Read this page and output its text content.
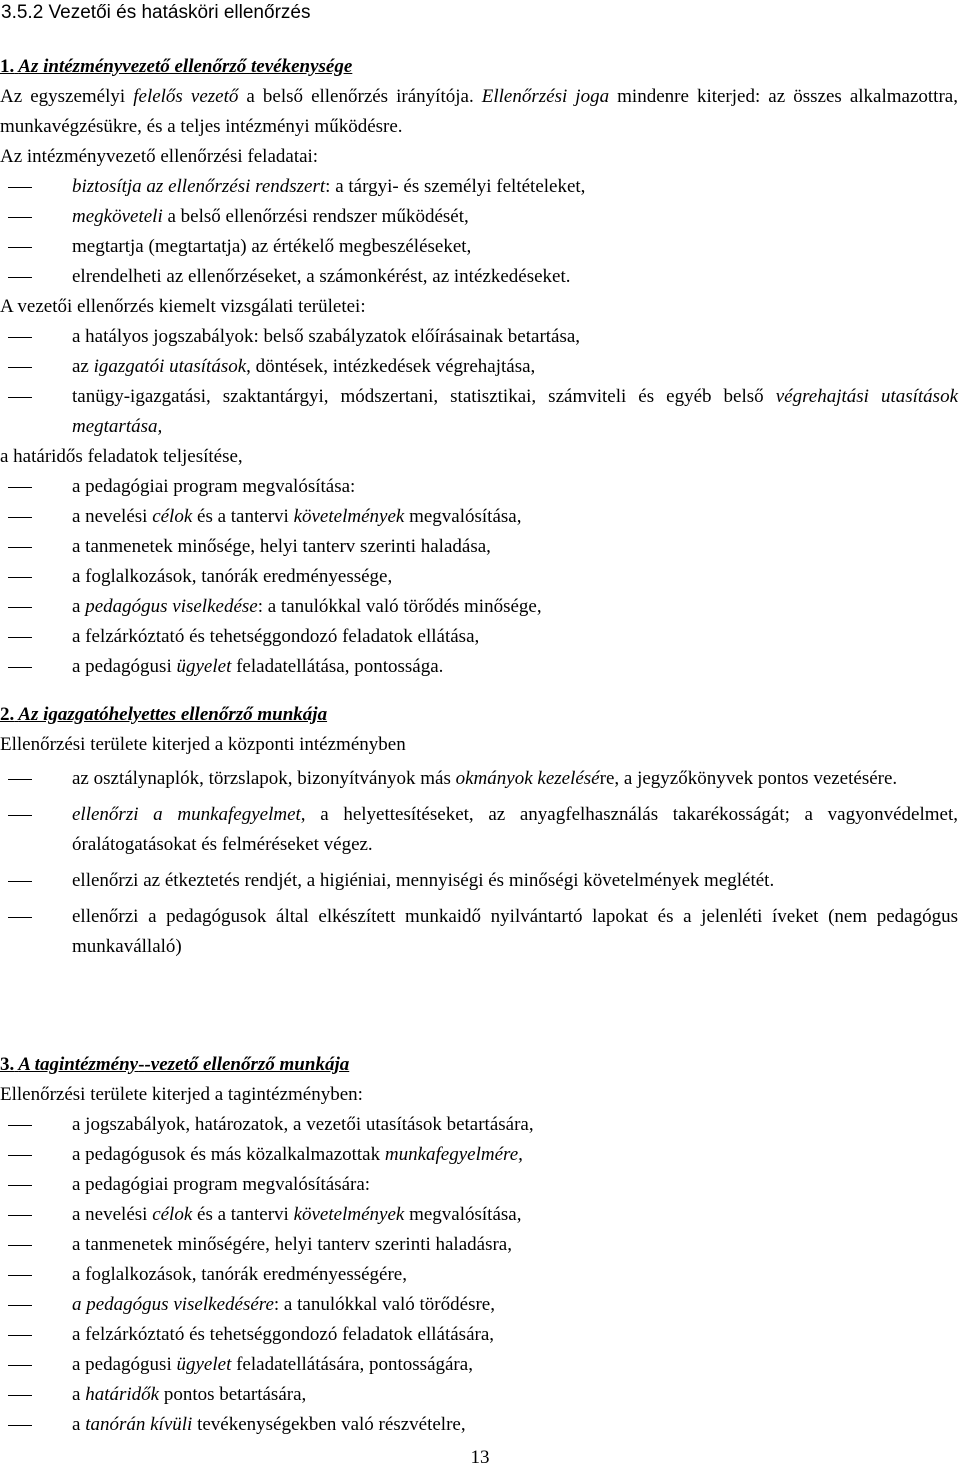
3.5.2 Vezetői és hatásköri ellenőrzés

1. Az intézményvezető ellenőrző tevékenysége

Az egyszemélyi felelős vezető a belső ellenőrzés irányítója. Ellenőrzési joga mindenre kiterjed: az összes alkalmazottra, munkavégzésükre, és a teljes intézményi működésre.

Az intézményvezető ellenőrzési feladatai:

biztosítja az ellenőrzési rendszert: a tárgyi- és személyi feltételeket,
megköveteli a belső ellenőrzési rendszer működését,
megtartja (megtartatja) az értékelő megbeszéléseket,
elrendelheti az ellenőrzéseket, a számonkérést, az intézkedéseket.

A vezetői ellenőrzés kiemelt vizsgálati területei:

a hatályos jogszabályok: belső szabályzatok előírásainak betartása,
az igazgatói utasítások, döntések, intézkedések végrehajtása,
tanügy-igazgatási, szaktantárgyi, módszertani, statisztikai, számviteli és egyéb belső végrehajtási utasítások megtartása,

a határidős feladatok teljesítése,

a pedagógiai program megvalósítása:
a nevelési célok és a tantervi követelmények megvalósítása,
a tanmenetek minősége, helyi tanterv szerinti haladása,
a foglalkozások, tanórák eredményessége,
a pedagógus viselkedése: a tanulókkal való törődés minősége,
a felzárkóztató és tehetséggondozó feladatok ellátása,
a pedagógusi ügyelet feladatellátása, pontossága.

2. Az igazgatóhelyettes ellenőrző munkája

Ellenőrzési területe kiterjed a központi intézményben

az osztálynaplók, törzslapok, bizonyítványok más okmányok kezelésére, a jegyzőkönyvek pontos vezetésére.
ellenőrzi a munkafegyelmet, a helyettesítéseket, az anyagfelhasználás takarékosságát; a vagyonvédelmet, óralátogatásokat és felméréseket végez.
ellenőrzi az étkeztetés rendjét, a higiéniai, mennyiségi és minőségi követelmények meglétét.
ellenőrzi a pedagógusok által elkészített munkaidő nyilvántartó lapokat és a jelenléti íveket (nem pedagógus munkavállaló)

3. A tagintézmény--vezető ellenőrző munkája

Ellenőrzési területe kiterjed a tagintézményben:

a jogszabályok, határozatok, a vezetői utasítások betartására,
a pedagógusok és más közalkalmazottak munkafegyelmére,
a pedagógiai program megvalósítására:
a nevelési célok és a tantervi követelmények megvalósítása,
a tanmenetek minőségére, helyi tanterv szerinti haladásra,
a foglalkozások, tanórák eredményességére,
a pedagógus viselkedésére: a tanulókkal való törődésre,
a felzárkóztató és tehetséggondozó feladatok ellátására,
a pedagógusi ügyelet feladatellátására, pontosságára,
a határidők pontos betartására,
a tanórán kívüli tevékenységekben való részvételre,
13
